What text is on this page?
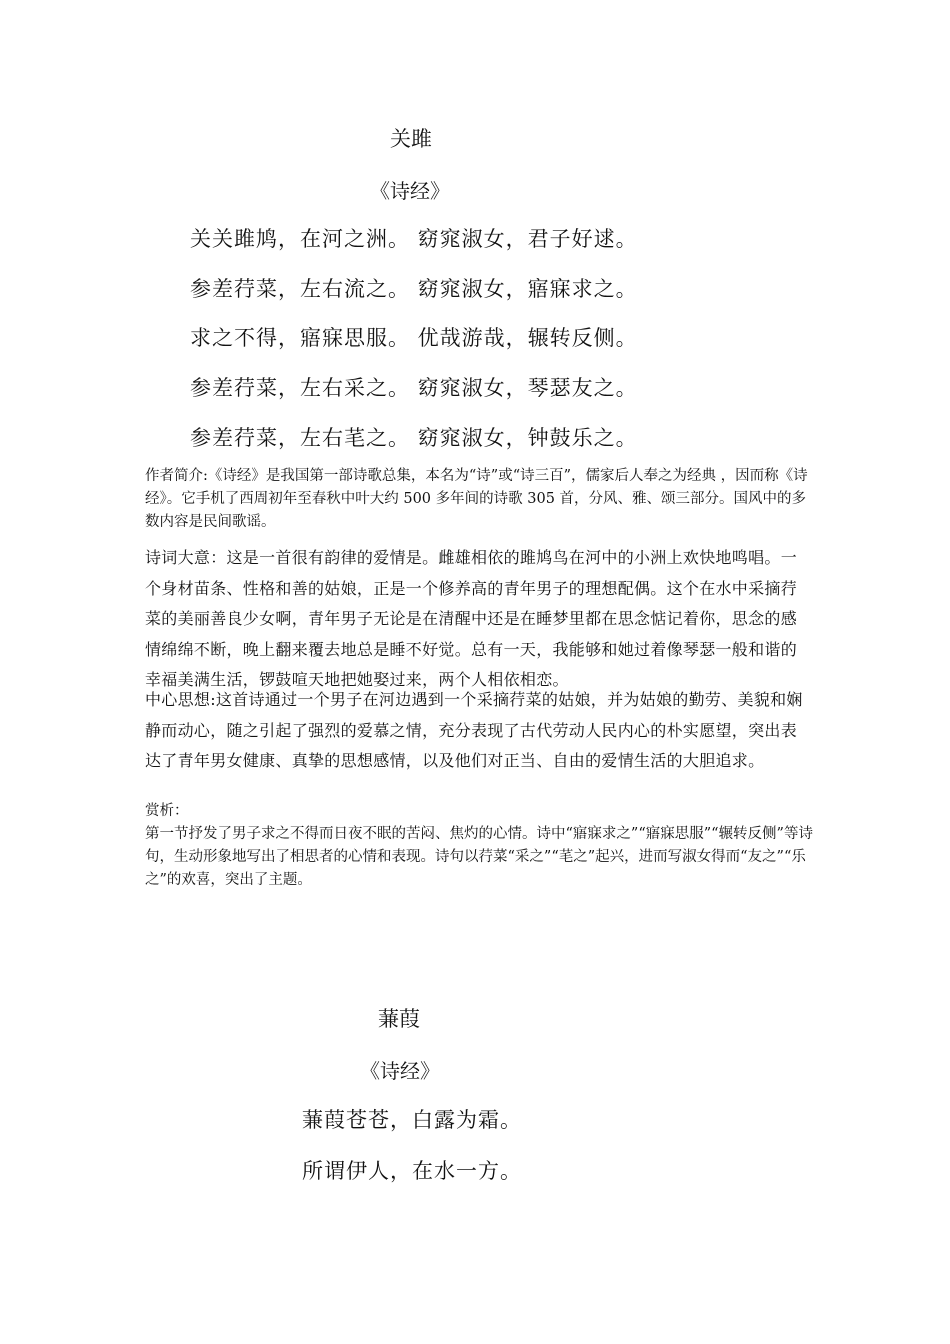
关雎
《诗经》
关关雎鸠，在河之洲。 窈窕淑女，君子好逑。
参差荇菜，左右流之。 窈窕淑女，寤寐求之。
求之不得，寤寐思服。 优哉游哉，辗转反侧。
参差荇菜，左右采之。 窈窕淑女，琴瑟友之。
参差荇菜，左右芼之。 窈窕淑女，钟鼓乐之。
作者简介:《诗经》是我国第一部诗歌总集，本名为“诗”或“诗三百”，儒家后人奉之为经典 ，因而称《诗经》。它手机了西周初年至春秋中叶大约 500 多年间的诗歌 305 首，分风、雅、颂三部分。国风中的多数内容是民间歌谣。
诗词大意：这是一首很有韵律的爱情是。雌雄相依的雎鸠鸟在河中的小洲上欢快地鸣唱。一个身材苗条、性格和善的姑娘，正是一个修养高的青年男子的理想配偶。这个在水中采摘荇菜的美丽善良少女啊，青年男子无论是在清醒中还是在睡梦里都在思念惦记着你，思念的感情绵绵不断，晚上翻来覆去地总是睡不好觉。总有一天，我能够和她过着像琴瑟一般和谐的幸福美满生活，锣鼓喧天地把她娶过来，两个人相依相恋。
中心思想:这首诗通过一个男子在河边遇到一个采摘荇菜的姑娘，并为姑娘的勤劳、美貌和娴静而动心，随之引起了强烈的爱慕之情，充分表现了古代劳动人民内心的朴实愿望，突出表达了青年男女健康、真挚的思想感情，以及他们对正当、自由的爱情生活的大胆追求。
赏析：
第一节抒发了男子求之不得而日夜不眠的苦闷、焦灼的心情。诗中“寤寐求之”“寤寐思服”“辗转反侧”等诗句，生动形象地写出了相思者的心情和表现。诗句以荇菜“采之”“芼之”起兴，进而写淑女得而“友之”“乐之”的欢喜，突出了主题。
蒹葭
《诗经》
蒹葭苍苍，白露为霜。
所谓伊人，在水一方。
